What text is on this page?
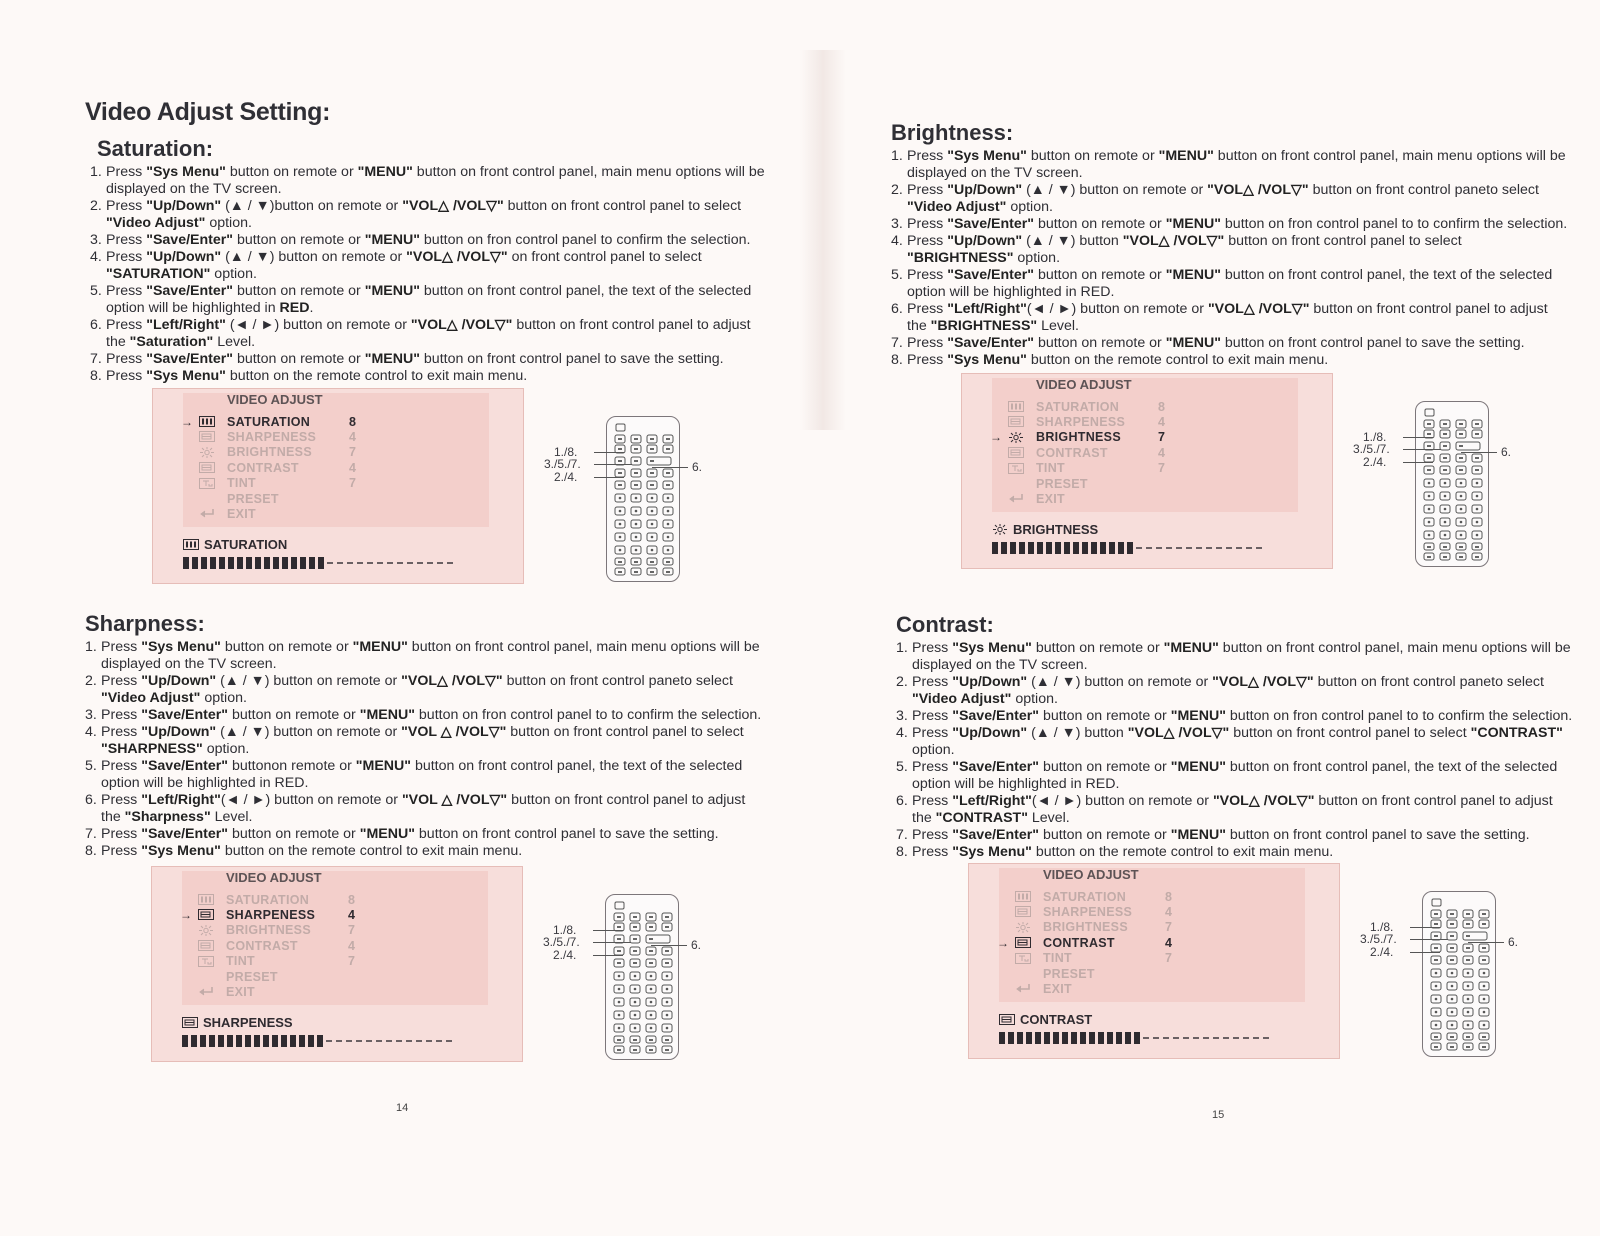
Video Adjust Setting:
Saturation:
1. Press "Sys Menu" button on remote or "MENU" button on front control panel, main menu options will be displayed on the TV screen.
2. Press "Up/Down" (▲ / ▼)button on remote or "VOL△ /VOL▽" button on front control panel to select "Video Adjust" option.
3. Press "Save/Enter" button on remote or "MENU" button on fron control panel to confirm the selection.
4. Press "Up/Down" (▲ / ▼) button on remote or "VOL△ /VOL▽" on front control panel to select "SATURATION" option.
5. Press "Save/Enter" button on remote or "MENU" button on front control panel, the text of the selected option will be highlighted in RED.
6. Press "Left/Right" (◄ / ►) button on remote or "VOL△ /VOL▽" button on front control panel to adjust the "Saturation" Level.
7. Press "Save/Enter" button on remote or "MENU" button on front control panel to save the setting.
8. Press "Sys Menu" button on the remote control to exit main menu.
VIDEO ADJUST
→	SATURATION	8
SHARPENESS	4
BRIGHTNESS	7
CONTRAST	4
TINT	7
PRESET
EXIT
SATURATION
1./8.
3./5./7.
2./4.
6.
Sharpness:
1. Press "Sys Menu" button on remote or "MENU" button on front control panel, main menu options will be displayed on the TV screen.
2. Press "Up/Down" (▲ / ▼) button on remote or "VOL△ /VOL▽" button on front control paneto select "Video Adjust" option.
3. Press "Save/Enter" button on remote or "MENU" button on fron control panel to to confirm the selection.
4. Press "Up/Down" (▲ / ▼) button on remote or "VOL △ /VOL▽" button on front control panel to select "SHARPNESS" option.
5. Press "Save/Enter" buttonon remote or "MENU" button on front control panel, the text of the selected option will be highlighted in RED.
6. Press "Left/Right"(◄ / ►) button on remote or "VOL △ /VOL▽" button on front control panel to adjust the "Sharpness" Level.
7. Press "Save/Enter" button on remote or "MENU" button on front control panel to save the setting.
8. Press "Sys Menu" button on the remote control to exit main menu.
VIDEO ADJUST
SATURATION	8
→	SHARPENESS	4
BRIGHTNESS	7
CONTRAST	4
TINT	7
PRESET
EXIT
SHARPENESS
1./8.
3./5./7.
2./4.
6.
14
Brightness:
1. Press "Sys Menu" button on remote or "MENU" button on front control panel, main menu options will be displayed on the TV screen.
2. Press "Up/Down" (▲ / ▼) button on remote or "VOL△ /VOL▽" button on front control paneto select "Video Adjust" option.
3. Press "Save/Enter" button on remote or "MENU" button on fron control panel to to confirm the selection.
4. Press "Up/Down" (▲ / ▼) button "VOL△ /VOL▽" button on front control panel to select "BRIGHTNESS" option.
5. Press "Save/Enter" button on remote or "MENU" button on front control panel, the text of the selected option will be highlighted in RED.
6. Press "Left/Right"(◄ / ►) button on remote or "VOL△ /VOL▽" button on front control panel to adjust the "BRIGHTNESS" Level.
7. Press "Save/Enter" button on remote or "MENU" button on front control panel to save the setting.
8. Press "Sys Menu" button on the remote control to exit main menu.
VIDEO ADJUST
SATURATION	8
SHARPENESS	4
→	BRIGHTNESS	7
CONTRAST	4
TINT	7
PRESET
EXIT
BRIGHTNESS
1./8.
3./5./7.
2./4.
6.
Contrast:
1. Press "Sys Menu" button on remote or "MENU" button on front control panel, main menu options will be displayed on the TV screen.
2. Press "Up/Down" (▲ / ▼) button on remote or "VOL△ /VOL▽" button on front control paneto select "Video Adjust" option.
3. Press "Save/Enter" button on remote or "MENU" button on fron control panel to to confirm the selection.
4. Press "Up/Down" (▲ / ▼) button "VOL△ /VOL▽" button on front control panel to select "CONTRAST" option.
5. Press "Save/Enter" button on remote or "MENU" button on front control panel, the text of the selected option will be highlighted in RED.
6. Press "Left/Right"(◄ / ►) button on remote or "VOL△ /VOL▽" button on front control panel to adjust the "CONTRAST" Level.
7. Press "Save/Enter" button on remote or "MENU" button on front control panel to save the setting.
8. Press "Sys Menu" button on the remote control to exit main menu.
VIDEO ADJUST
SATURATION	8
SHARPENESS	4
BRIGHTNESS	7
→	CONTRAST	4
TINT	7
PRESET
EXIT
CONTRAST
1./8.
3./5./7.
2./4.
6.
15
